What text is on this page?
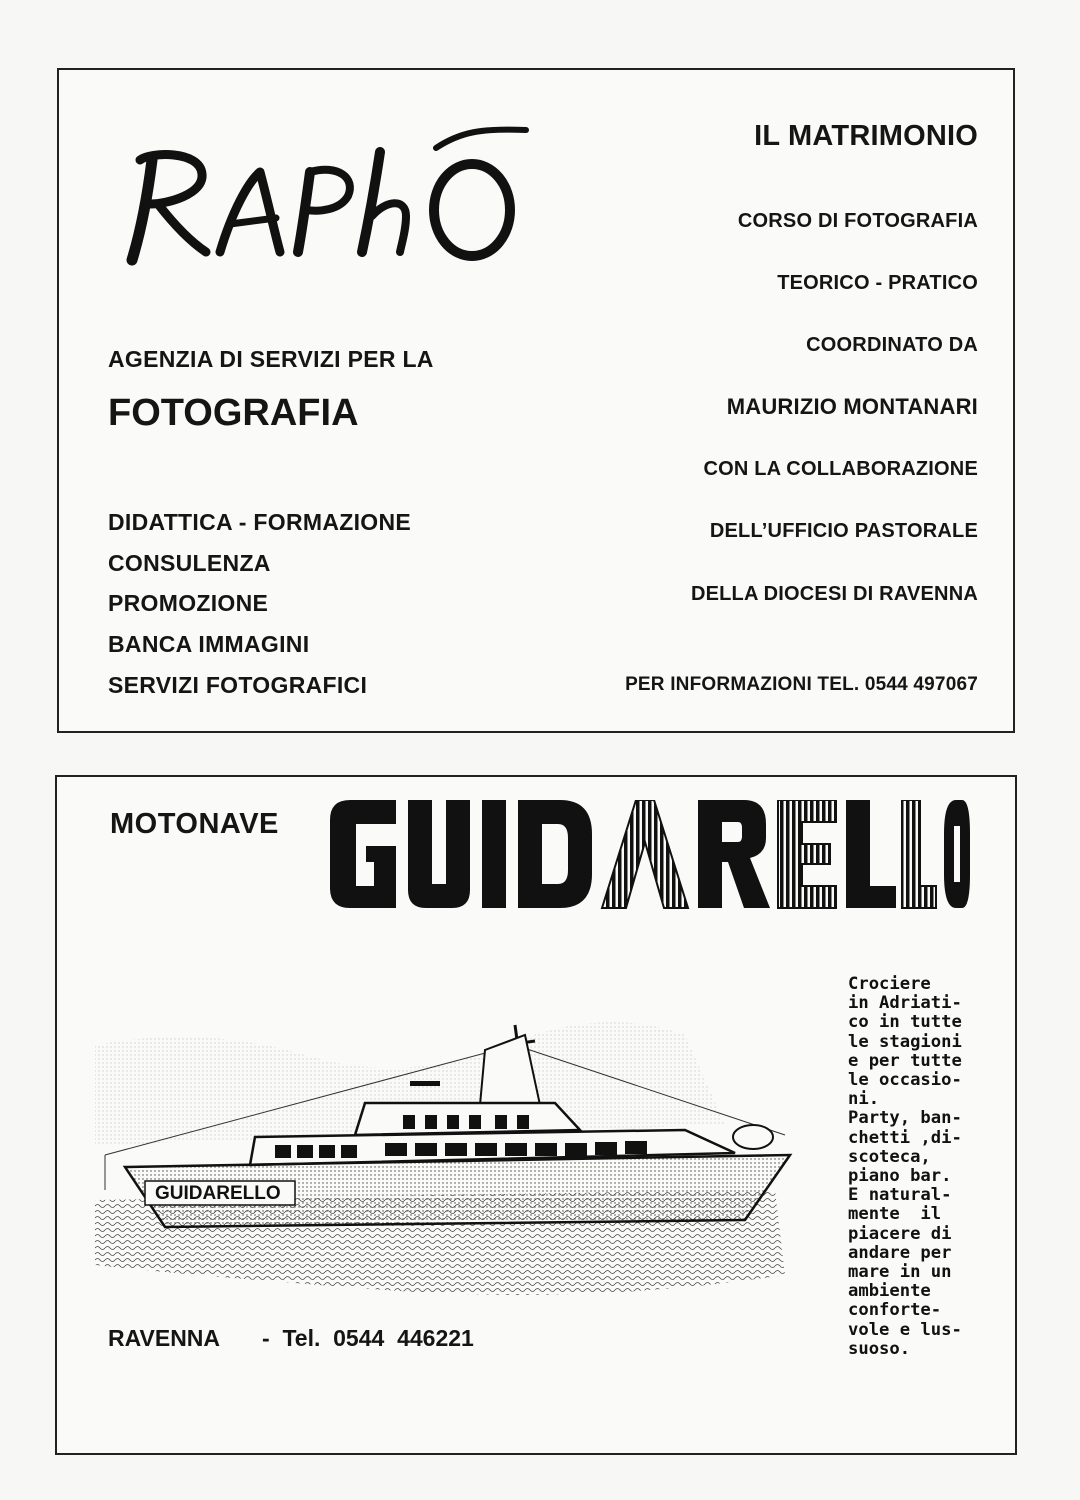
AGENZIA DI SERVIZI PER LA
FOTOGRAFIA
DIDATTICA - FORMAZIONE
CONSULENZA
PROMOZIONE
BANCA IMMAGINI
SERVIZI FOTOGRAFICI
IL MATRIMONIO
CORSO DI FOTOGRAFIA
TEORICO - PRATICO
COORDINATO DA
MAURIZIO MONTANARI
CON LA COLLABORAZIONE
DELL’UFFICIO PASTORALE
DELLA DIOCESI DI RAVENNA
PER INFORMAZIONI TEL. 0544 497067
MOTONAVE
GUIDARELLO
Crociere
in Adriati-
co in tutte
le stagioni
e per tutte
le occasio-
ni.
Party, ban-
chetti ,di-
scoteca,
piano bar.
E natural-
mente  il
piacere di
andare per
mare in un
ambiente
conforte-
vole e lus-
suoso.
RAVENNA -  Tel.  0544  446221
